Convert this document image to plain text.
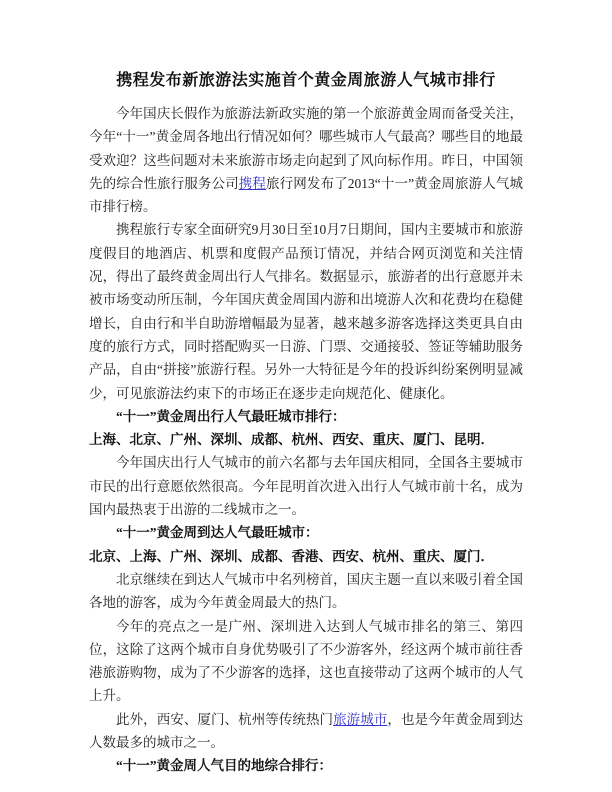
携程发布新旅游法实施首个黄金周旅游人气城市排行

今年国庆长假作为旅游法新政实施的第一个旅游黄金周而备受关注，今年“十一”黄金周各地出行情况如何？哪些城市人气最高？哪些目的地最受欢迎？这些问题对未来旅游市场走向起到了风向标作用。昨日，中国领先的综合性旅行服务公司携程旅行网发布了2013“十一”黄金周旅游人气城市排行榜。

携程旅行专家全面研究9月30日至10月7日期间，国内主要城市和旅游度假目的地酒店、机票和度假产品预订情况，并结合网页浏览和关注情况，得出了最终黄金周出行人气排名。数据显示，旅游者的出行意愿并未被市场变动所压制，今年国庆黄金周国内游和出境游人次和花费均在稳健增长，自由行和半自助游增幅最为显著，越来越多游客选择这类更具自由度的旅行方式，同时搭配购买一日游、门票、交通接驳、签证等辅助服务产品，自由“拼接”旅游行程。另外一大特征是今年的投诉纠纷案例明显减少，可见旅游法约束下的市场正在逐步走向规范化、健康化。

“十一”黄金周出行人气最旺城市排行：

上海、北京、广州、深圳、成都、杭州、西安、重庆、厦门、昆明．

今年国庆出行人气城市的前六名都与去年国庆相同，全国各主要城市市民的出行意愿依然很高。今年昆明首次进入出行人气城市前十名，成为国内最热衷于出游的二线城市之一。

“十一”黄金周到达人气最旺城市：

北京、上海、广州、深圳、成都、香港、西安、杭州、重庆、厦门．

北京继续在到达人气城市中名列榜首，国庆主题一直以来吸引着全国各地的游客，成为今年黄金周最大的热门。

今年的亮点之一是广州、深圳进入达到人气城市排名的第三、第四位，这除了这两个城市自身优势吸引了不少游客外，经这两个城市前往香港旅游购物，成为了不少游客的选择，这也直接带动了这两个城市的人气上升。

此外，西安、厦门、杭州等传统热门旅游城市，也是今年黄金周到达人数最多的城市之一。

“十一”黄金周人气目的地综合排行：
